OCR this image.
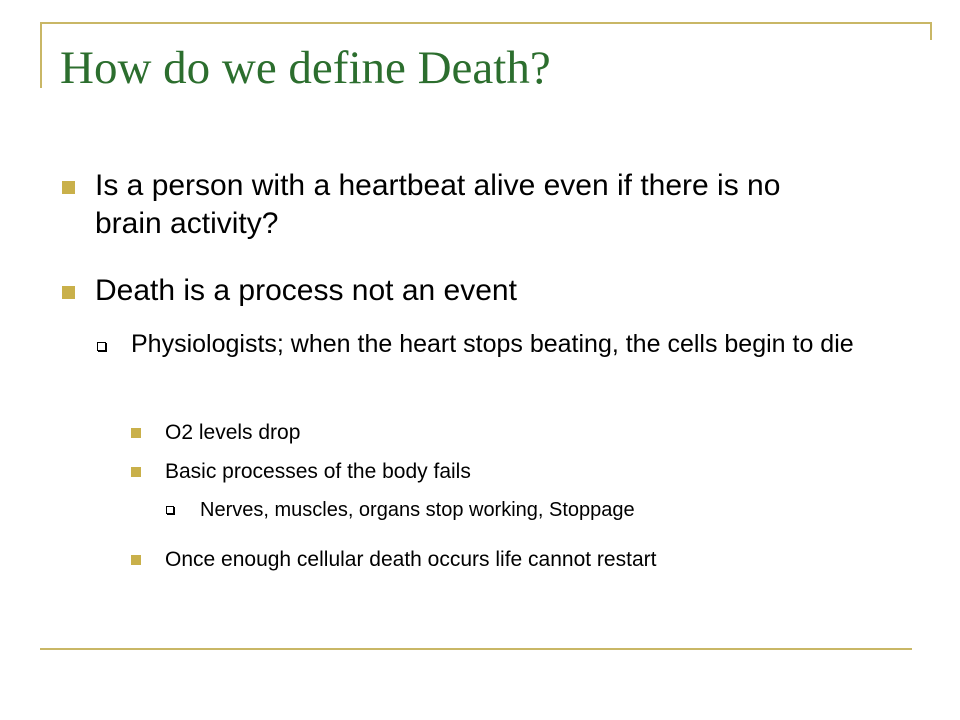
How do we define Death?

Is a person with a heartbeat alive even if there is no brain activity?

Death is a process not an event

Physiologists; when the heart stops beating, the cells begin to die

O2 levels drop

Basic processes of the body fails

Nerves, muscles, organs stop working, Stoppage

Once enough cellular death occurs life cannot restart
